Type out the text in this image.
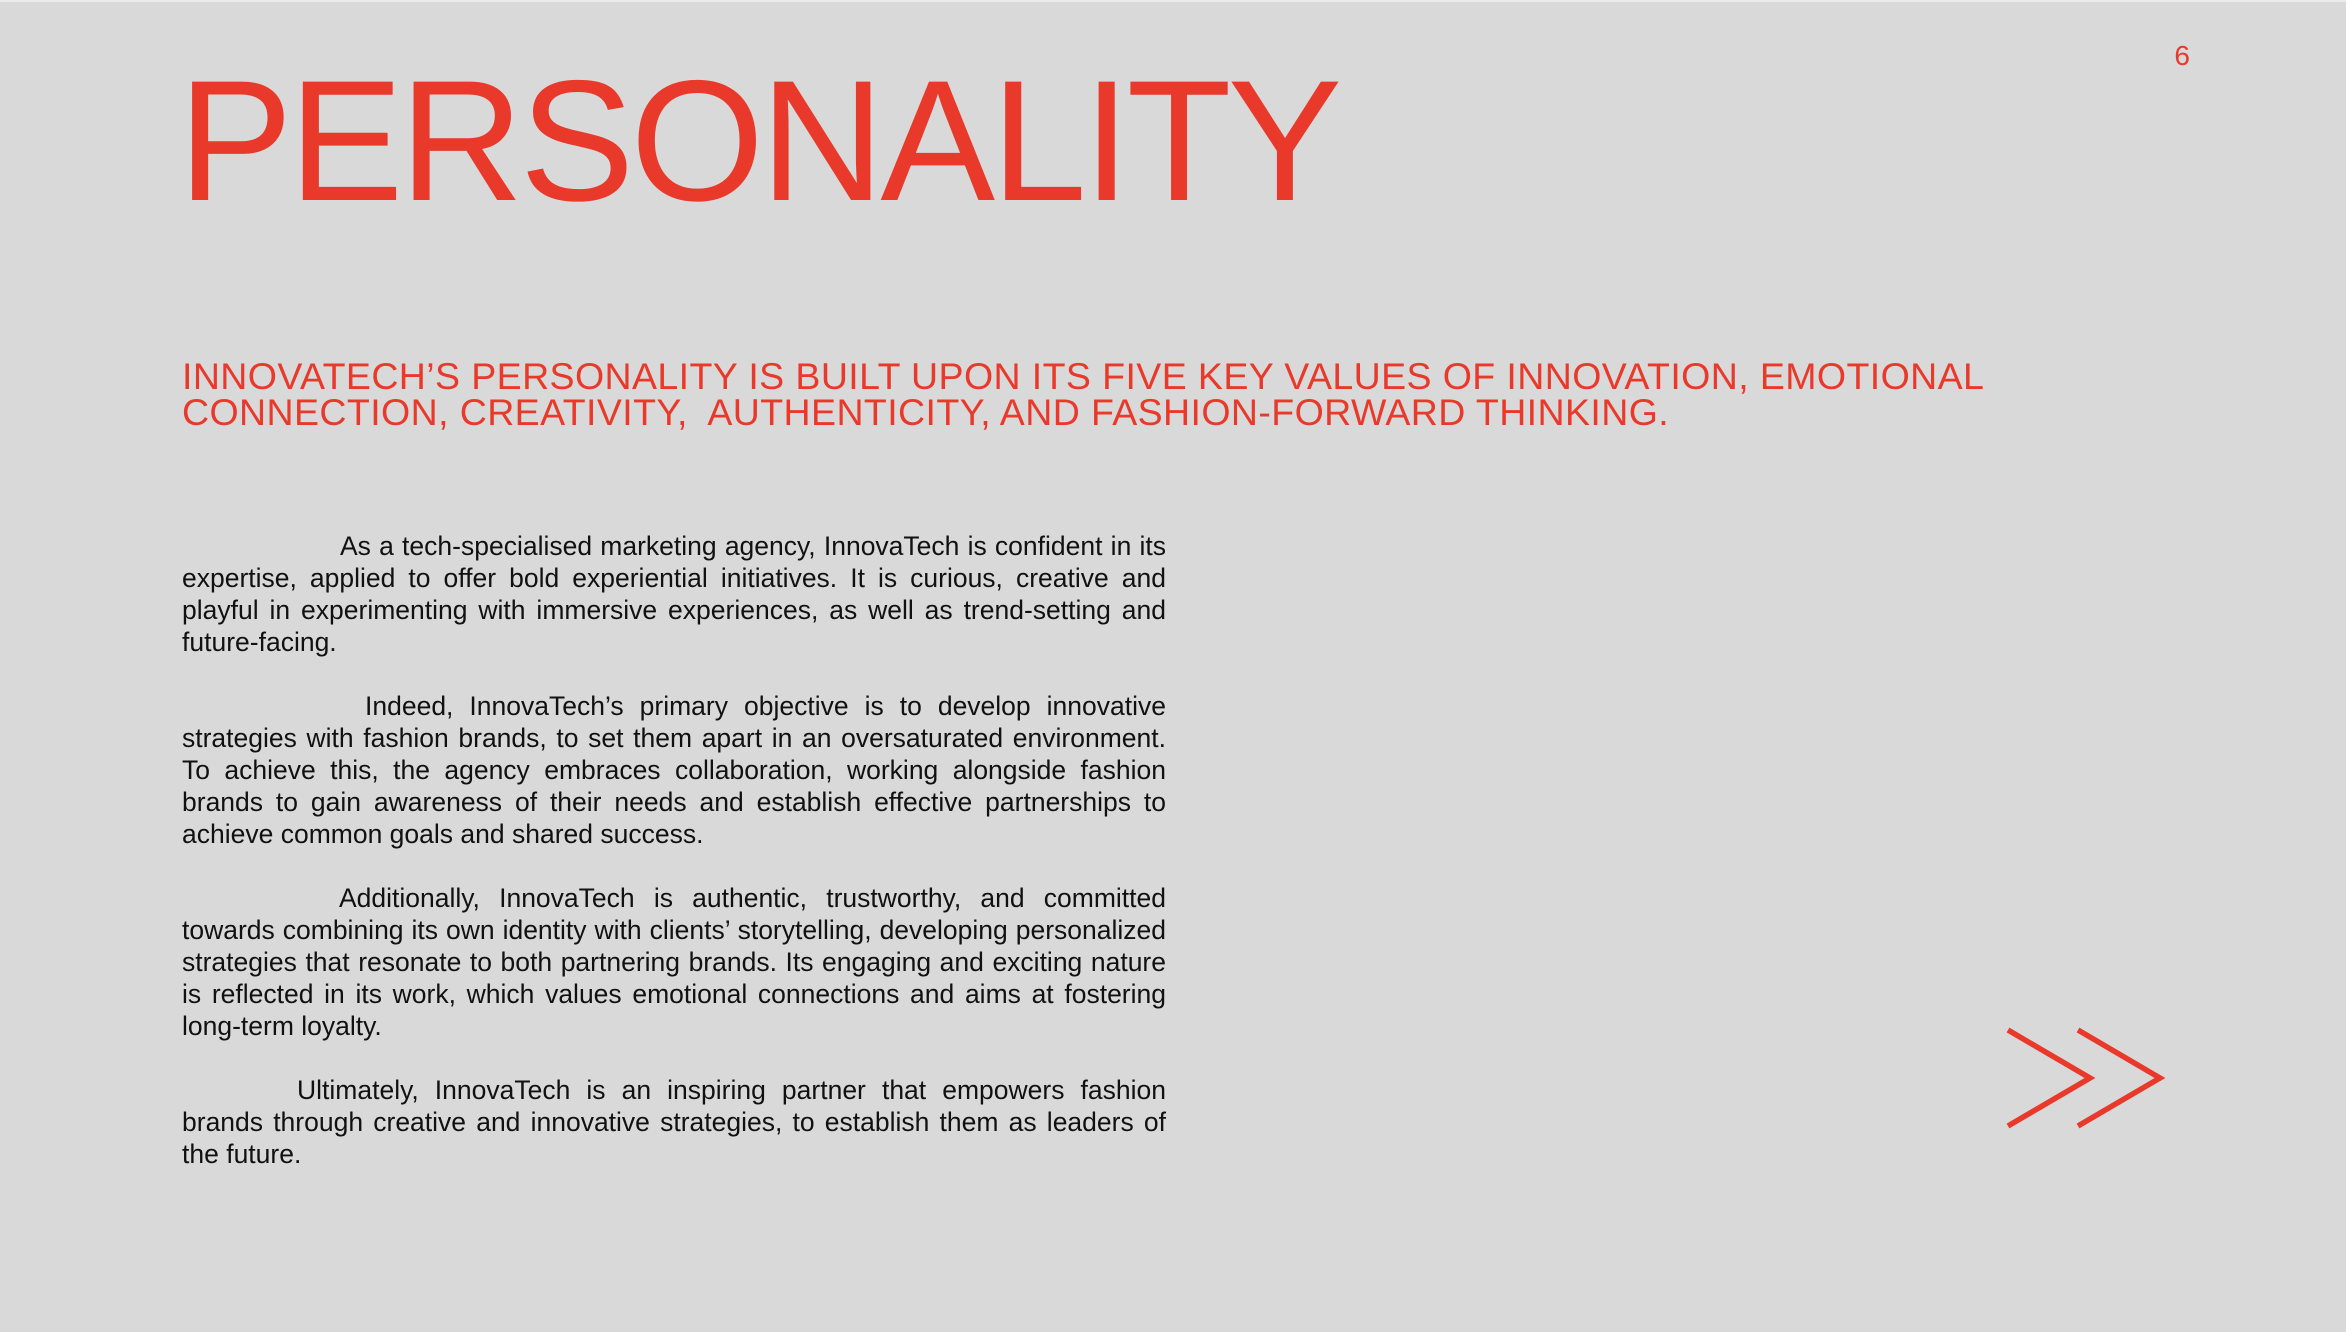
6
PERSONALITY
INNOVATECH’S PERSONALITY IS BUILT UPON ITS FIVE KEY VALUES OF INNOVATION, EMOTIONAL
CONNECTION, CREATIVITY,  AUTHENTICITY, AND FASHION-FORWARD THINKING.

As a tech-specialised marketing agency, InnovaTech is confident in its expertise, applied to offer bold experiential initiatives. It is curious, creative and playful in experimenting with immersive experiences, as well as trend-setting and future-facing.

Indeed, InnovaTech’s primary objective is to develop innovative strategies with fashion brands, to set them apart in an oversaturated environment. To achieve this, the agency embraces collaboration, working alongside fashion brands to gain awareness of their needs and establish effective partnerships to achieve common goals and shared success.

Additionally, InnovaTech is authentic, trustworthy, and committed towards combining its own identity with clients’ storytelling, developing personalized strategies that resonate to both partnering brands. Its engaging and exciting nature is reflected in its work, which values emotional connections and aims at fostering long-term loyalty.

Ultimately, InnovaTech is an inspiring partner that empowers fashion brands through creative and innovative strategies, to establish them as leaders of the future.
